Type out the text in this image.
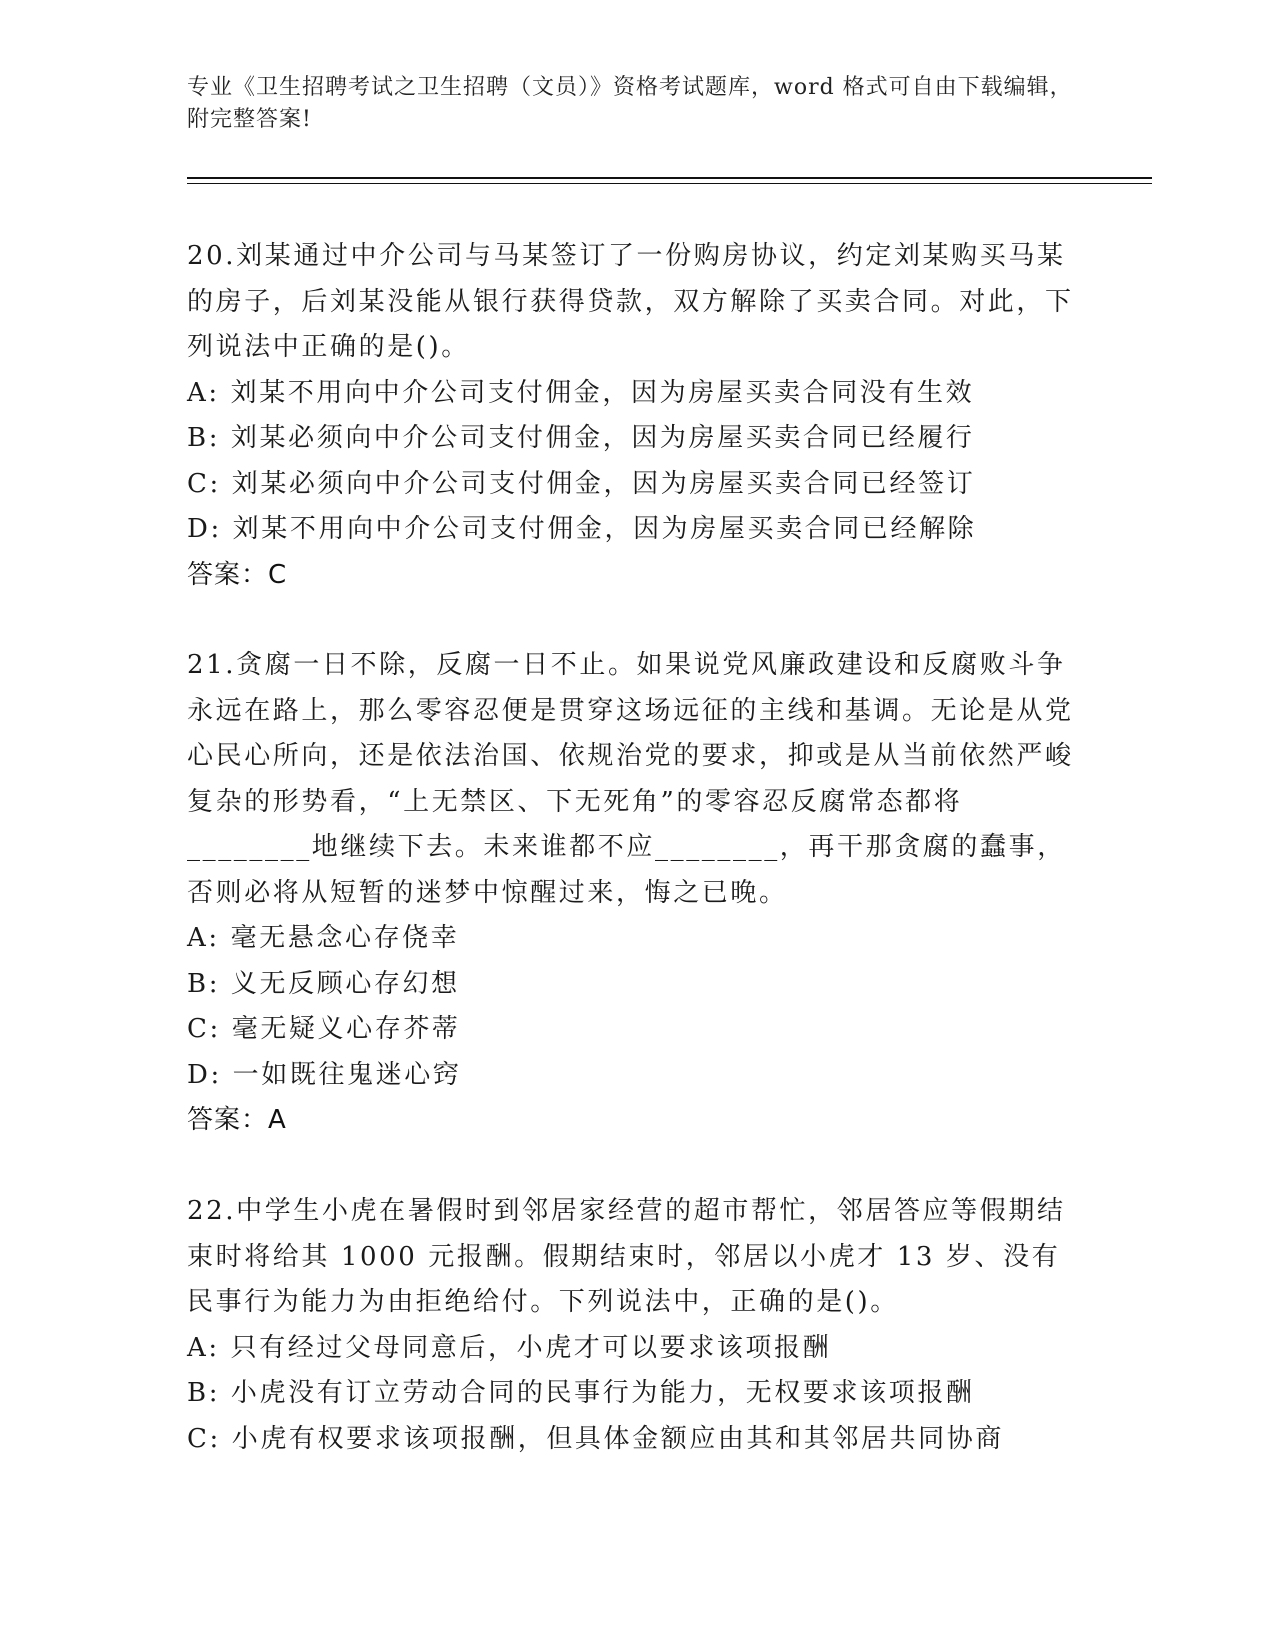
专业《卫生招聘考试之卫生招聘（文员）》资格考试题库，word 格式可自由下载编辑，附完整答案!
20.刘某通过中介公司与马某签订了一份购房协议，约定刘某购买马某的房子，后刘某没能从银行获得贷款，双方解除了买卖合同。对此，下列说法中正确的是()。
A: 刘某不用向中介公司支付佣金，因为房屋买卖合同没有生效
B: 刘某必须向中介公司支付佣金，因为房屋买卖合同已经履行
C: 刘某必须向中介公司支付佣金，因为房屋买卖合同已经签订
D: 刘某不用向中介公司支付佣金，因为房屋买卖合同已经解除
答案：C
21.贪腐一日不除，反腐一日不止。如果说党风廉政建设和反腐败斗争永远在路上，那么零容忍便是贯穿这场远征的主线和基调。无论是从党心民心所向，还是依法治国、依规治党的要求，抑或是从当前依然严峻复杂的形势看，“上无禁区、下无死角”的零容忍反腐常态都将________地继续下去。未来谁都不应________，再干那贪腐的蠢事，否则必将从短暂的迷梦中惊醒过来，悔之已晚。
A: 毫无悬念心存侥幸
B: 义无反顾心存幻想
C: 毫无疑义心存芥蒂
D: 一如既往鬼迷心窍
答案：A
22.中学生小虎在暑假时到邻居家经营的超市帮忙，邻居答应等假期结束时将给其 1000 元报酬。假期结束时，邻居以小虎才 13 岁、没有民事行为能力为由拒绝给付。下列说法中，正确的是()。
A: 只有经过父母同意后，小虎才可以要求该项报酬
B: 小虎没有订立劳动合同的民事行为能力，无权要求该项报酬
C: 小虎有权要求该项报酬，但具体金额应由其和其邻居共同协商
